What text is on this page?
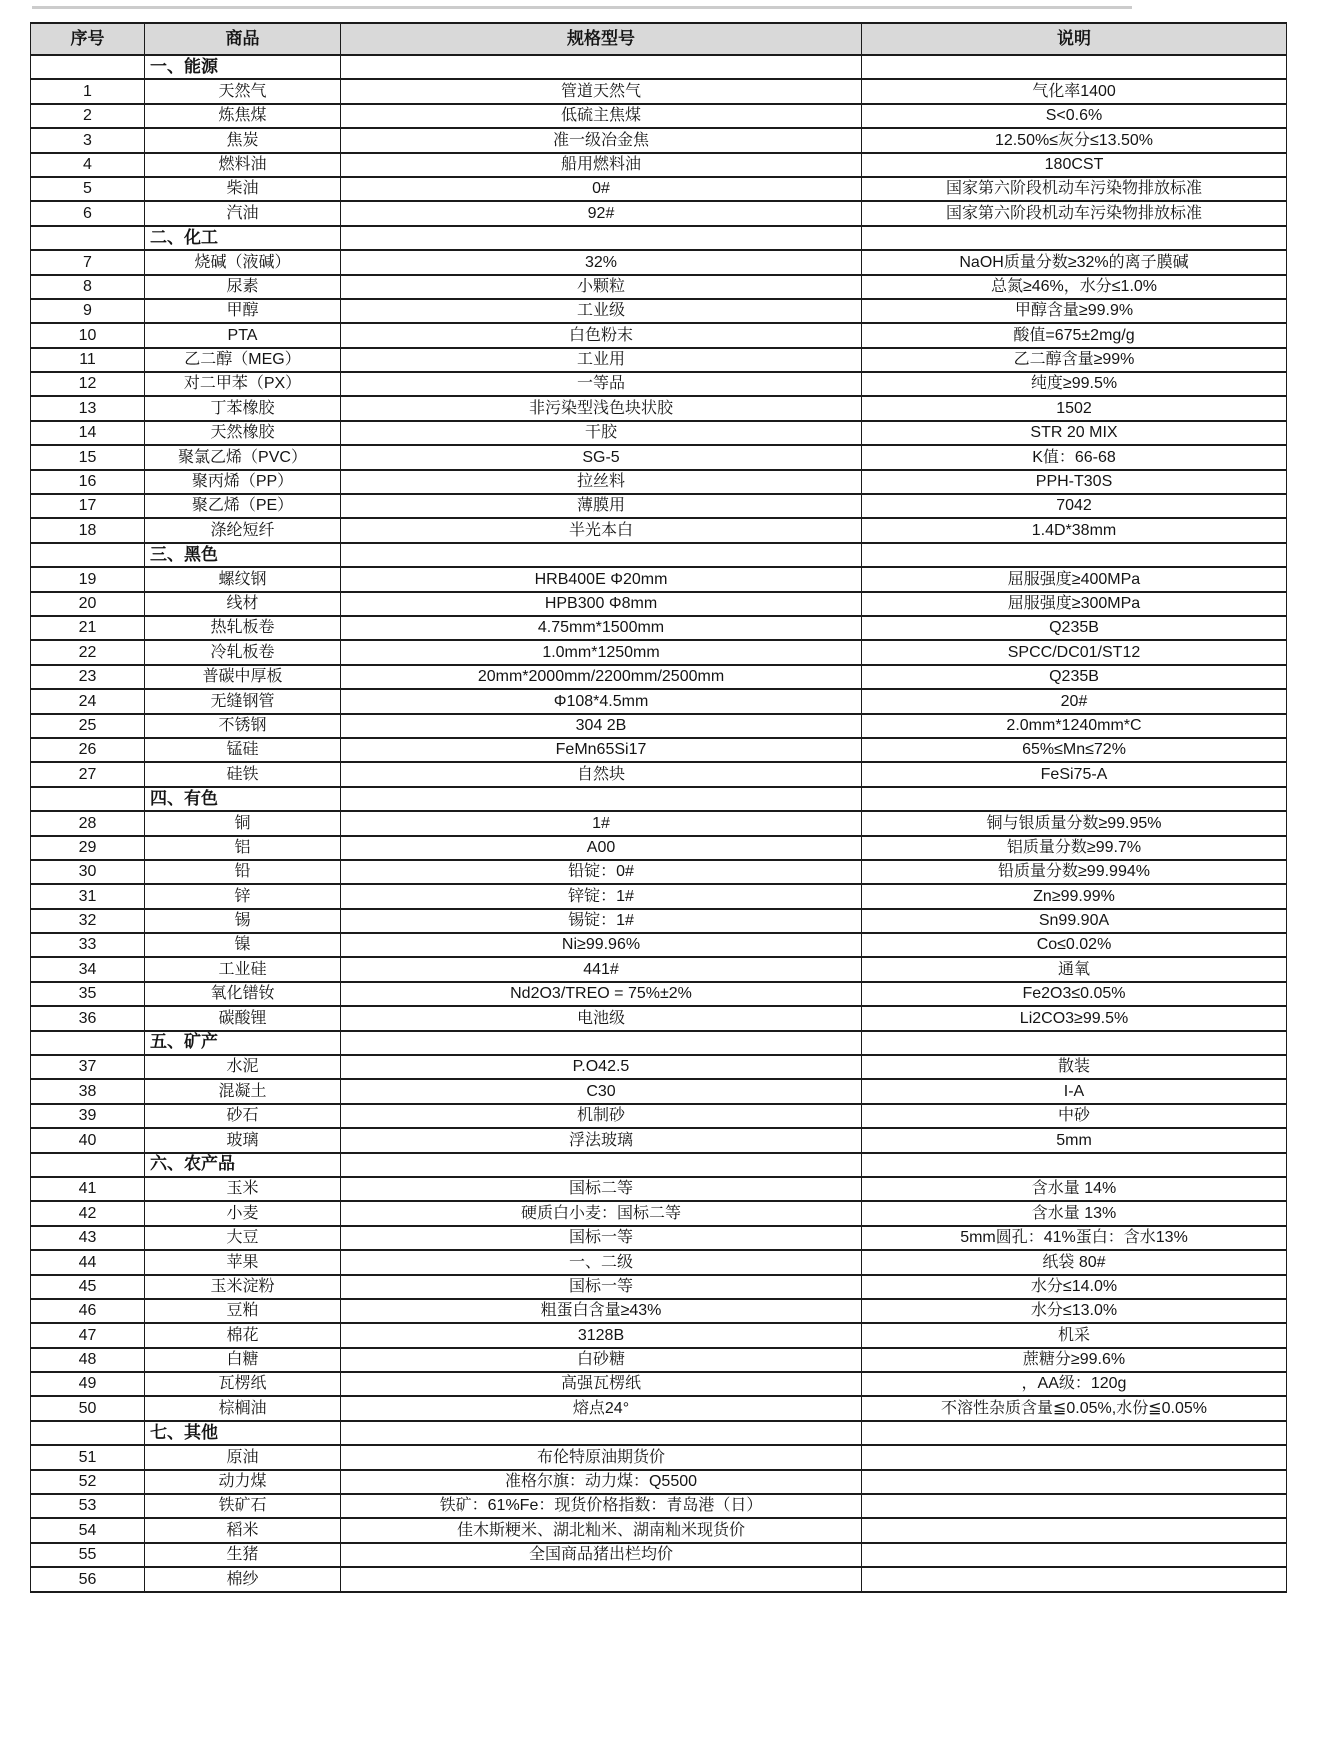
序号	商品	规格型号	说明
	一、能源		
1	天然气	管道天然气	气化率1400
2	炼焦煤	低硫主焦煤	S<0.6%
3	焦炭	准一级冶金焦	12.50%≤灰分≤13.50%
4	燃料油	船用燃料油	180CST
5	柴油	0#	国家第六阶段机动车污染物排放标准
6	汽油	92#	国家第六阶段机动车污染物排放标准
	二、化工		
7	烧碱（液碱）	32%	NaOH质量分数≥32%的离子膜碱
8	尿素	小颗粒	总氮≥46%，水分≤1.0%
9	甲醇	工业级	甲醇含量≥99.9%
10	PTA	白色粉末	酸值=675±2mg/g
11	乙二醇（MEG）	工业用	乙二醇含量≥99%
12	对二甲苯（PX）	一等品	纯度≥99.5%
13	丁苯橡胶	非污染型浅色块状胶	1502
14	天然橡胶	干胶	STR 20 MIX
15	聚氯乙烯（PVC）	SG-5	K值：66-68
16	聚丙烯（PP）	拉丝料	PPH-T30S
17	聚乙烯（PE）	薄膜用	7042
18	涤纶短纤	半光本白	1.4D*38mm
	三、黑色		
19	螺纹钢	HRB400E Φ20mm	屈服强度≥400MPa
20	线材	HPB300 Φ8mm	屈服强度≥300MPa
21	热轧板卷	4.75mm*1500mm	Q235B
22	冷轧板卷	1.0mm*1250mm	SPCC/DC01/ST12
23	普碳中厚板	20mm*2000mm/2200mm/2500mm	Q235B
24	无缝钢管	Φ108*4.5mm	20#
25	不锈钢	304 2B	2.0mm*1240mm*C
26	锰硅	FeMn65Si17	65%≤Mn≤72%
27	硅铁	自然块	FeSi75-A
	四、有色		
28	铜	1#	铜与银质量分数≥99.95%
29	铝	A00	铝质量分数≥99.7%
30	铅	铅锭：0#	铅质量分数≥99.994%
31	锌	锌锭：1#	Zn≥99.99%
32	锡	锡锭：1#	Sn99.90A
33	镍	Ni≥99.96%	Co≤0.02%
34	工业硅	441#	通氧
35	氧化镨钕	Nd2O3/TREO = 75%±2%	Fe2O3≤0.05%
36	碳酸锂	电池级	Li2CO3≥99.5%
	五、矿产		
37	水泥	P.O42.5	散装
38	混凝土	C30	I-A
39	砂石	机制砂	中砂
40	玻璃	浮法玻璃	5mm
	六、农产品		
41	玉米	国标二等	含水量 14%
42	小麦	硬质白小麦：国标二等	含水量 13%
43	大豆	国标一等	5mm圆孔：41%蛋白：含水13%
44	苹果	一、二级	纸袋 80#
45	玉米淀粉	国标一等	水分≤14.0%
46	豆粕	粗蛋白含量≥43%	水分≤13.0%
47	棉花	3128B	机采
48	白糖	白砂糖	蔗糖分≥99.6%
49	瓦楞纸	高强瓦楞纸	，AA级：120g
50	棕榈油	熔点24°	不溶性杂质含量≦0.05%,水份≦0.05%
	七、其他		
51	原油	布伦特原油期货价	
52	动力煤	准格尔旗：动力煤：Q5500	
53	铁矿石	铁矿：61%Fe：现货价格指数：青岛港（日）	
54	稻米	佳木斯粳米、湖北籼米、湖南籼米现货价	
55	生猪	全国商品猪出栏均价	
56	棉纱		
